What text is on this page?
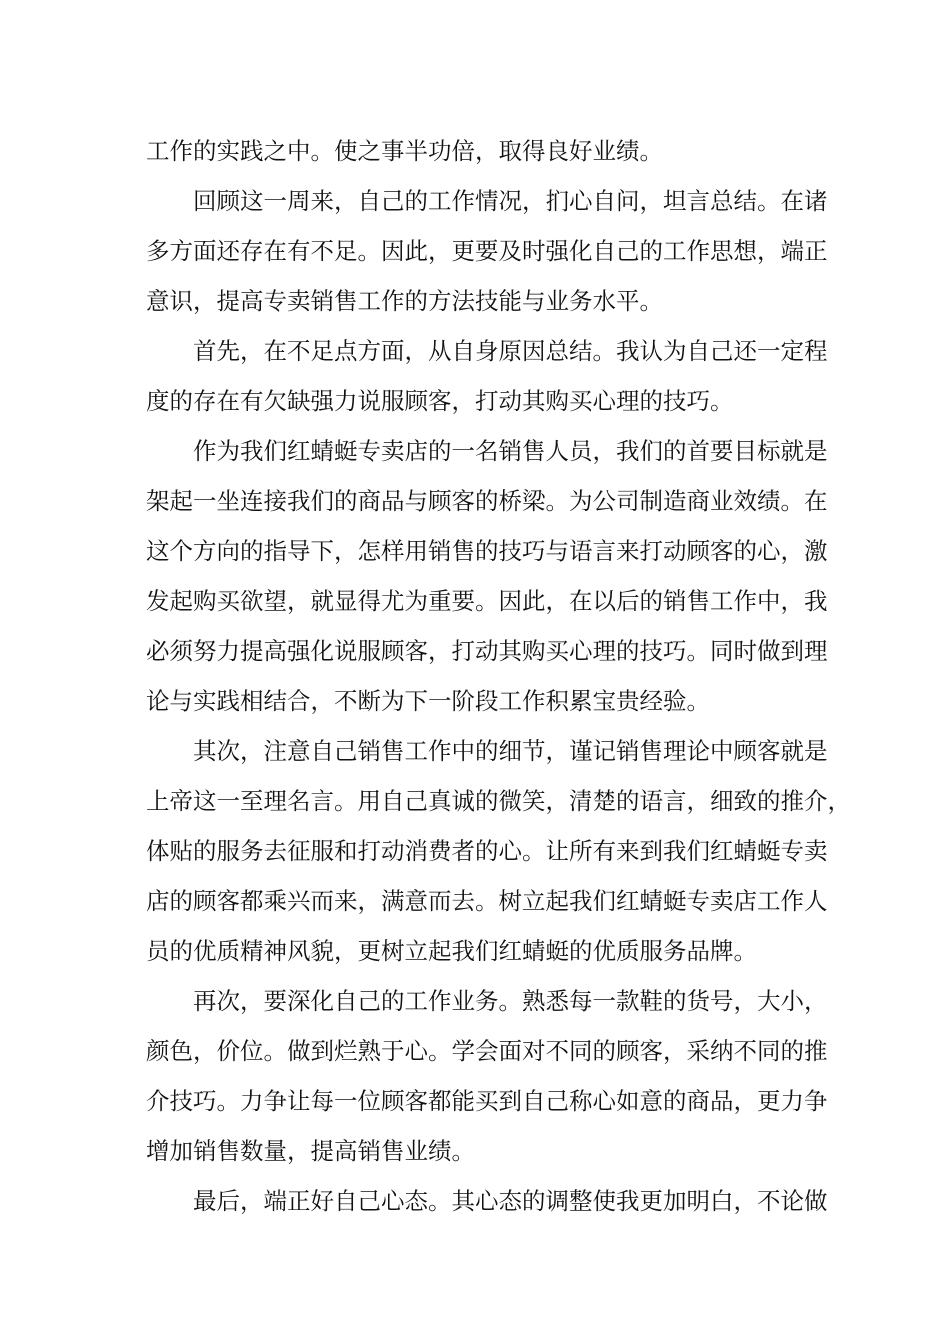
工作的实践之中。使之事半功倍，取得良好业绩。

回顾这一周来，自己的工作情况，扪心自问，坦言总结。在诸

多方面还存在有不足。因此，更要及时强化自己的工作思想，端正

意识，提高专卖销售工作的方法技能与业务水平。

首先，在不足点方面，从自身原因总结。我认为自己还一定程

度的存在有欠缺强力说服顾客，打动其购买心理的技巧。

作为我们红蜻蜓专卖店的一名销售人员，我们的首要目标就是

架起一坐连接我们的商品与顾客的桥梁。为公司制造商业效绩。在

这个方向的指导下，怎样用销售的技巧与语言来打动顾客的心，激

发起购买欲望，就显得尤为重要。因此，在以后的销售工作中，我

必须努力提高强化说服顾客，打动其购买心理的技巧。同时做到理

论与实践相结合，不断为下一阶段工作积累宝贵经验。

其次，注意自己销售工作中的细节，谨记销售理论中顾客就是

上帝这一至理名言。用自己真诚的微笑，清楚的语言，细致的推介，

体贴的服务去征服和打动消费者的心。让所有来到我们红蜻蜓专卖

店的顾客都乘兴而来，满意而去。树立起我们红蜻蜓专卖店工作人

员的优质精神风貌，更树立起我们红蜻蜓的优质服务品牌。

再次，要深化自己的工作业务。熟悉每一款鞋的货号，大小，

颜色，价位。做到烂熟于心。学会面对不同的顾客，采纳不同的推

介技巧。力争让每一位顾客都能买到自己称心如意的商品，更力争

增加销售数量，提高销售业绩。

最后，端正好自己心态。其心态的调整使我更加明白，不论做
